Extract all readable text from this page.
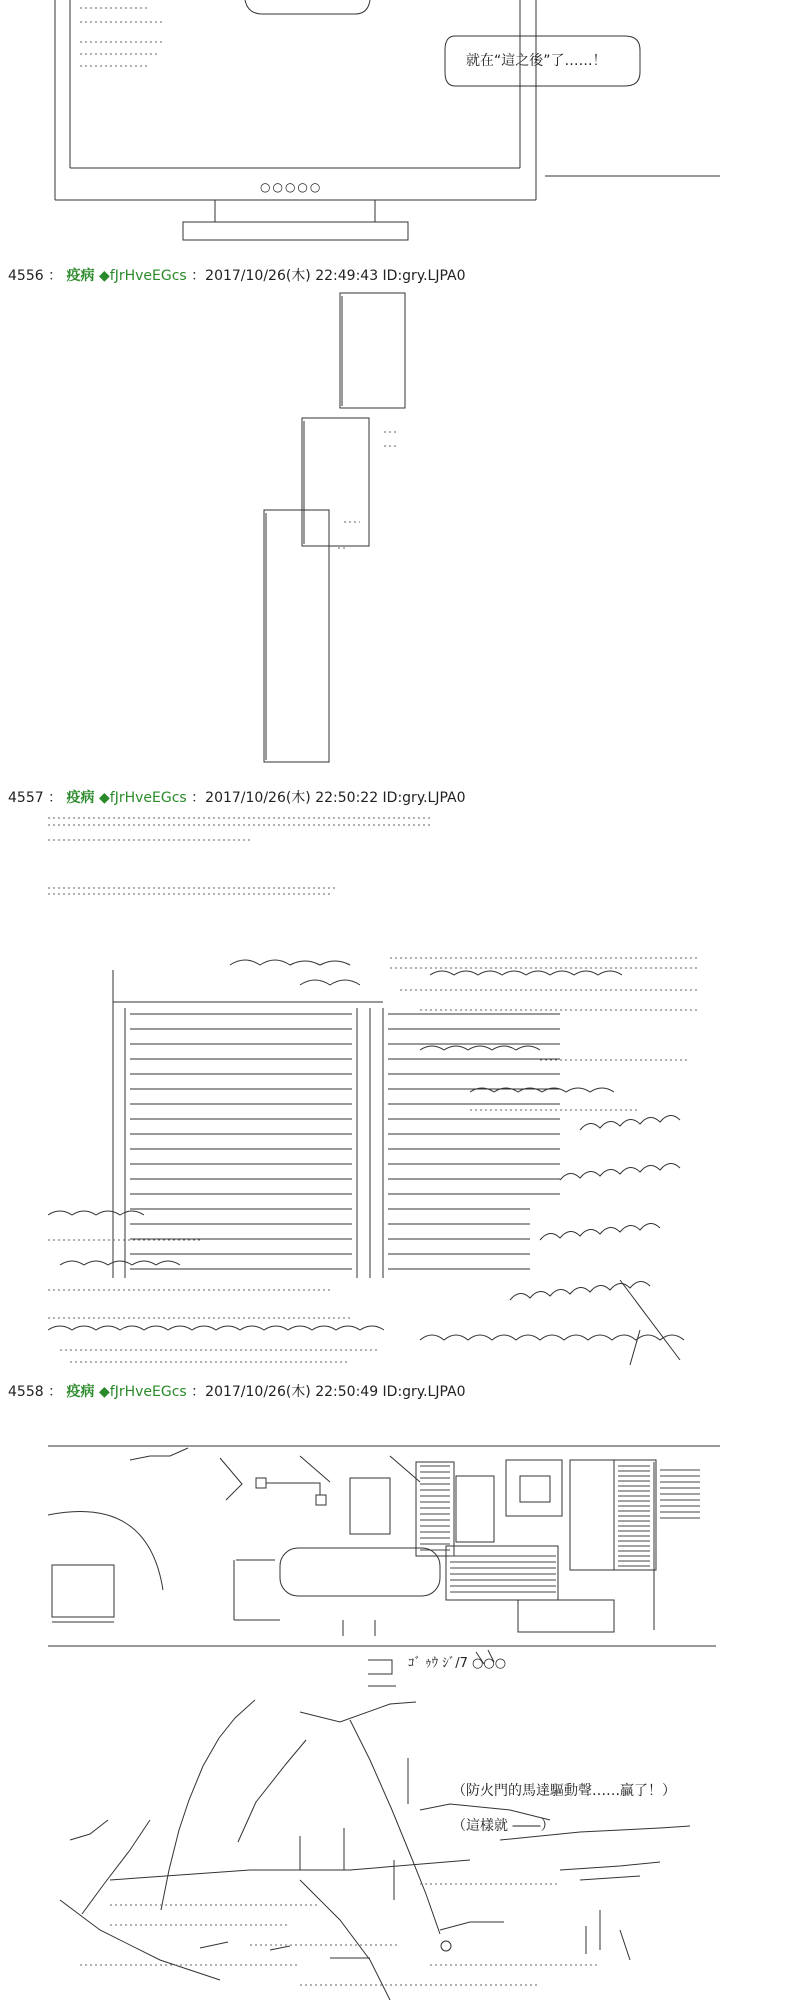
4556 ： 疫病 ◆fJrHveEGcs ：2017/10/26(木) 22:49:43 ID:gry.LJPA0
4557 ： 疫病 ◆fJrHveEGcs ：2017/10/26(木) 22:50:22 ID:gry.LJPA0
4558 ： 疫病 ◆fJrHveEGcs ：2017/10/26(木) 22:50:49 ID:gry.LJPA0
就在“這之後”了‥‥‥！
○○○○○
ｺﾞ ｩｳ ｼﾞ/7 ○○○
（防火門的馬達驅動聲‥‥‥贏了！）
（這樣就 ――）
